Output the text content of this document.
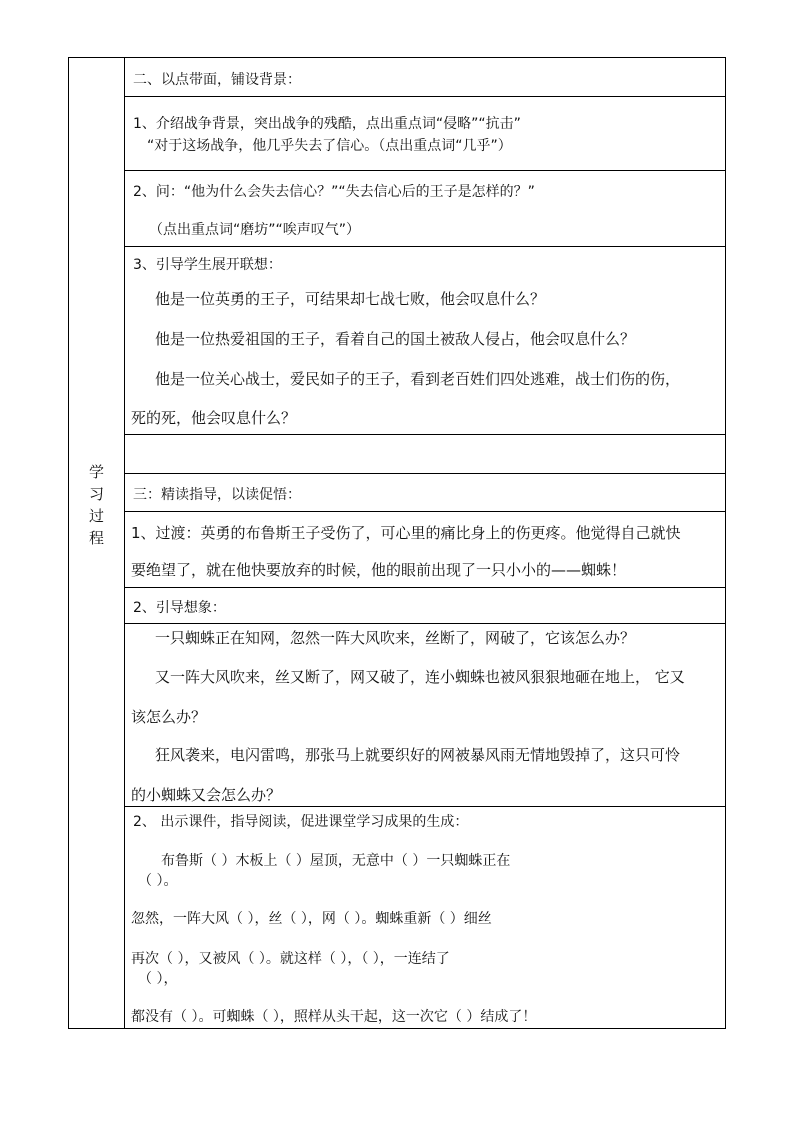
学
习
过
程
二、以点带面，铺设背景：
1、介绍战争背景，突出战争的残酷，点出重点词“侵略”“抗击”
“对于这场战争，他几乎失去了信心。（点出重点词“几乎”）
2、问：“他为什么会失去信心？”“失去信心后的王子是怎样的？”
（点出重点词“磨坊”“唉声叹气”）
3、引导学生展开联想：
他是一位英勇的王子，可结果却七战七败，他会叹息什么？
他是一位热爱祖国的王子，看着自己的国土被敌人侵占，他会叹息什么？
他是一位关心战士，爱民如子的王子，看到老百姓们四处逃难，战士们伤的伤，
死的死，他会叹息什么？
三：精读指导，以读促悟：
1、过渡：英勇的布鲁斯王子受伤了，可心里的痛比身上的伤更疼。他觉得自己就快
要绝望了，就在他快要放弃的时候，他的眼前出现了一只小小的——蜘蛛！
2、引导想象：
一只蜘蛛正在知网，忽然一阵大风吹来，丝断了，网破了，它该怎么办？
又一阵大风吹来，丝又断了，网又破了，连小蜘蛛也被风狠狠地砸在地上， 它又
该怎么办？
狂风袭来，电闪雷鸣，那张马上就要织好的网被暴风雨无情地毁掉了，这只可怜
的小蜘蛛又会怎么办？
2、 出示课件，指导阅读，促进课堂学习成果的生成：
布鲁斯（ ）木板上（ ）屋顶，无意中（ ）一只蜘蛛正在
（ ）。
忽然，一阵大风（ ），丝（ ），网（ ）。蜘蛛重新（ ）细丝
再次（ ），又被风（ ）。就这样（ ），（ ），一连结了
（ ），
都没有（ ）。可蜘蛛（ ），照样从头干起，这一次它（ ）结成了！
